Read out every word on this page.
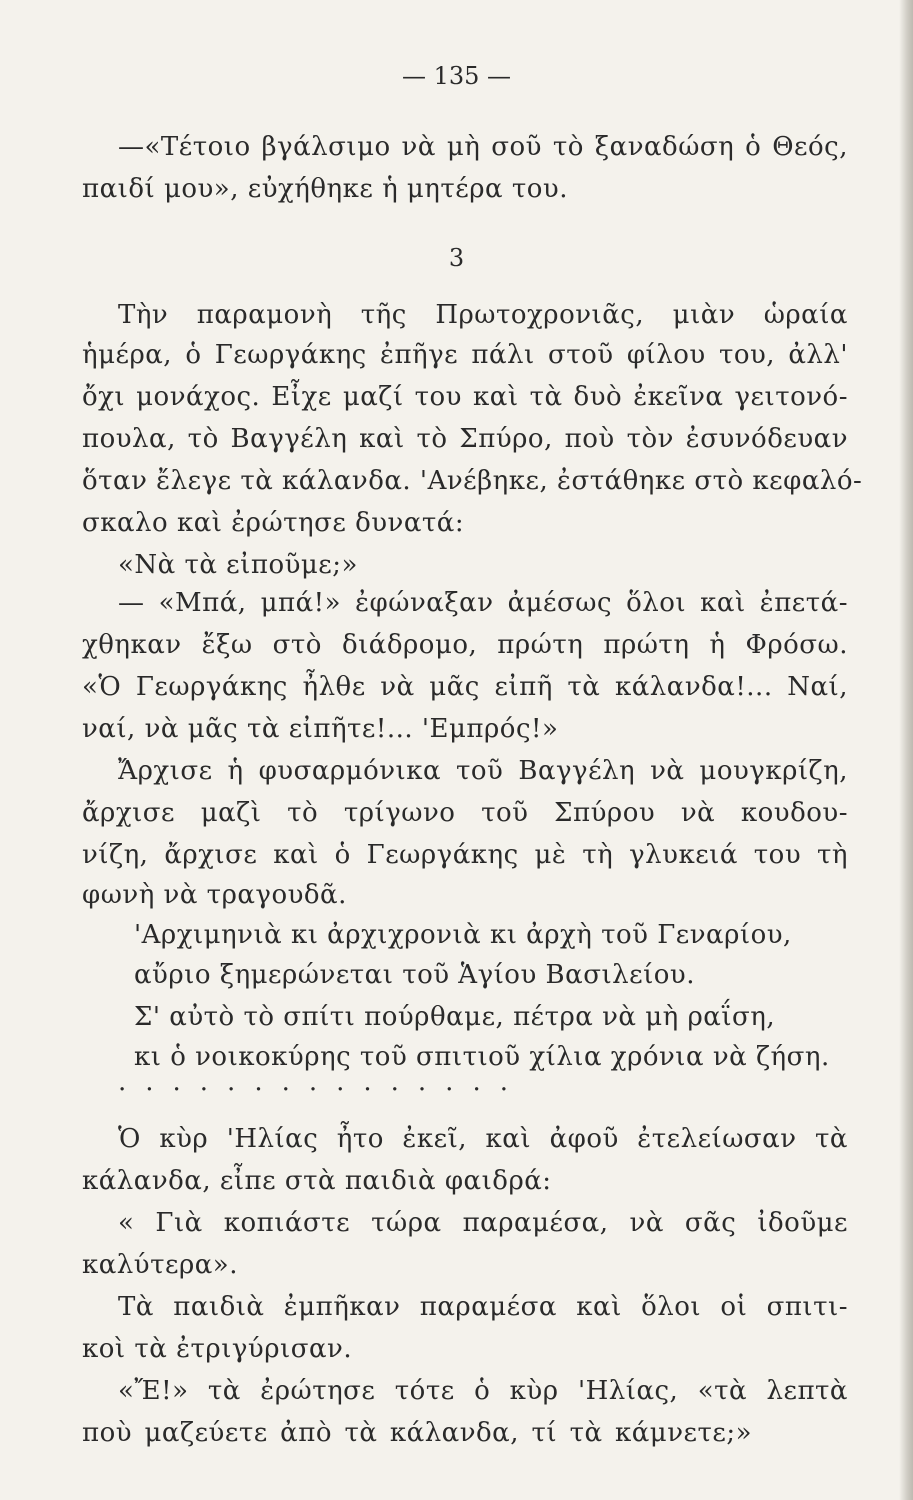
— 135 —
—«Τέτοιο βγάλσιμο νὰ μὴ σοῦ τὸ ξαναδώση ὁ Θεός,
παιδί μου», εὐχήθηκε ἡ μητέρα του.
3
Τὴν παραμονὴ τῆς Πρωτοχρονιᾶς, μιὰν ὡραία
ἡμέρα, ὁ Γεωργάκης ἐπῆγε πάλι στοῦ φίλου του, ἀλλ'
ὄχι μονάχος. Εἶχε μαζί του καὶ τὰ δυὸ ἐκεῖνα γειτονό-
πουλα, τὸ Βαγγέλη καὶ τὸ Σπύρο, ποὺ τὸν ἐσυνόδευαν
ὅταν ἔλεγε τὰ κάλανδα. 'Ανέβηκε, ἐστάθηκε στὸ κεφαλό-
σκαλο καὶ ἐρώτησε δυνατά:
«Νὰ τὰ εἰποῦμε;»
— «Μπά, μπά!» ἐφώναξαν ἀμέσως ὅλοι καὶ ἐπετά-
χθηκαν ἔξω στὸ διάδρομο, πρώτη πρώτη ἡ Φρόσω.
«Ὁ Γεωργάκης ἦλθε νὰ μᾶς εἰπῆ τὰ κάλανδα!... Ναί,
ναί, νὰ μᾶς τὰ εἰπῆτε!... 'Εμπρός!»
Ἄρχισε ἡ φυσαρμόνικα τοῦ Βαγγέλη νὰ μουγκρίζη,
ἄρχισε μαζὶ τὸ τρίγωνο τοῦ Σπύρου νὰ κουδου-
νίζη, ἄρχισε καὶ ὁ Γεωργάκης μὲ τὴ γλυκειά του τὴ
φωνὴ νὰ τραγουδᾶ.
'Αρχιμηνιὰ κι ἀρχιχρονιὰ κι ἀρχὴ τοῦ Γεναρίου,
αὔριο ξημερώνεται τοῦ Ἁγίου Βασιλείου.
Σ' αὐτὸ τὸ σπίτι πούρθαμε, πέτρα νὰ μὴ ραΐση,
κι ὁ νοικοκύρης τοῦ σπιτιοῦ χίλια χρόνια νὰ ζήση.
...............
Ὁ κὺρ 'Ηλίας ἦτο ἐκεῖ, καὶ ἀφοῦ ἐτελείωσαν τὰ
κάλανδα, εἶπε στὰ παιδιὰ φαιδρά:
« Γιὰ κοπιάστε τώρα παραμέσα, νὰ σᾶς ἰδοῦμε
καλύτερα».
Τὰ παιδιὰ ἐμπῆκαν παραμέσα καὶ ὅλοι οἱ σπιτι-
κοὶ τὰ ἐτριγύρισαν.
«Ἔ!» τὰ ἐρώτησε τότε ὁ κὺρ 'Ηλίας, «τὰ λεπτὰ
ποὺ μαζεύετε ἀπὸ τὰ κάλανδα, τί τὰ κάμνετε;»
